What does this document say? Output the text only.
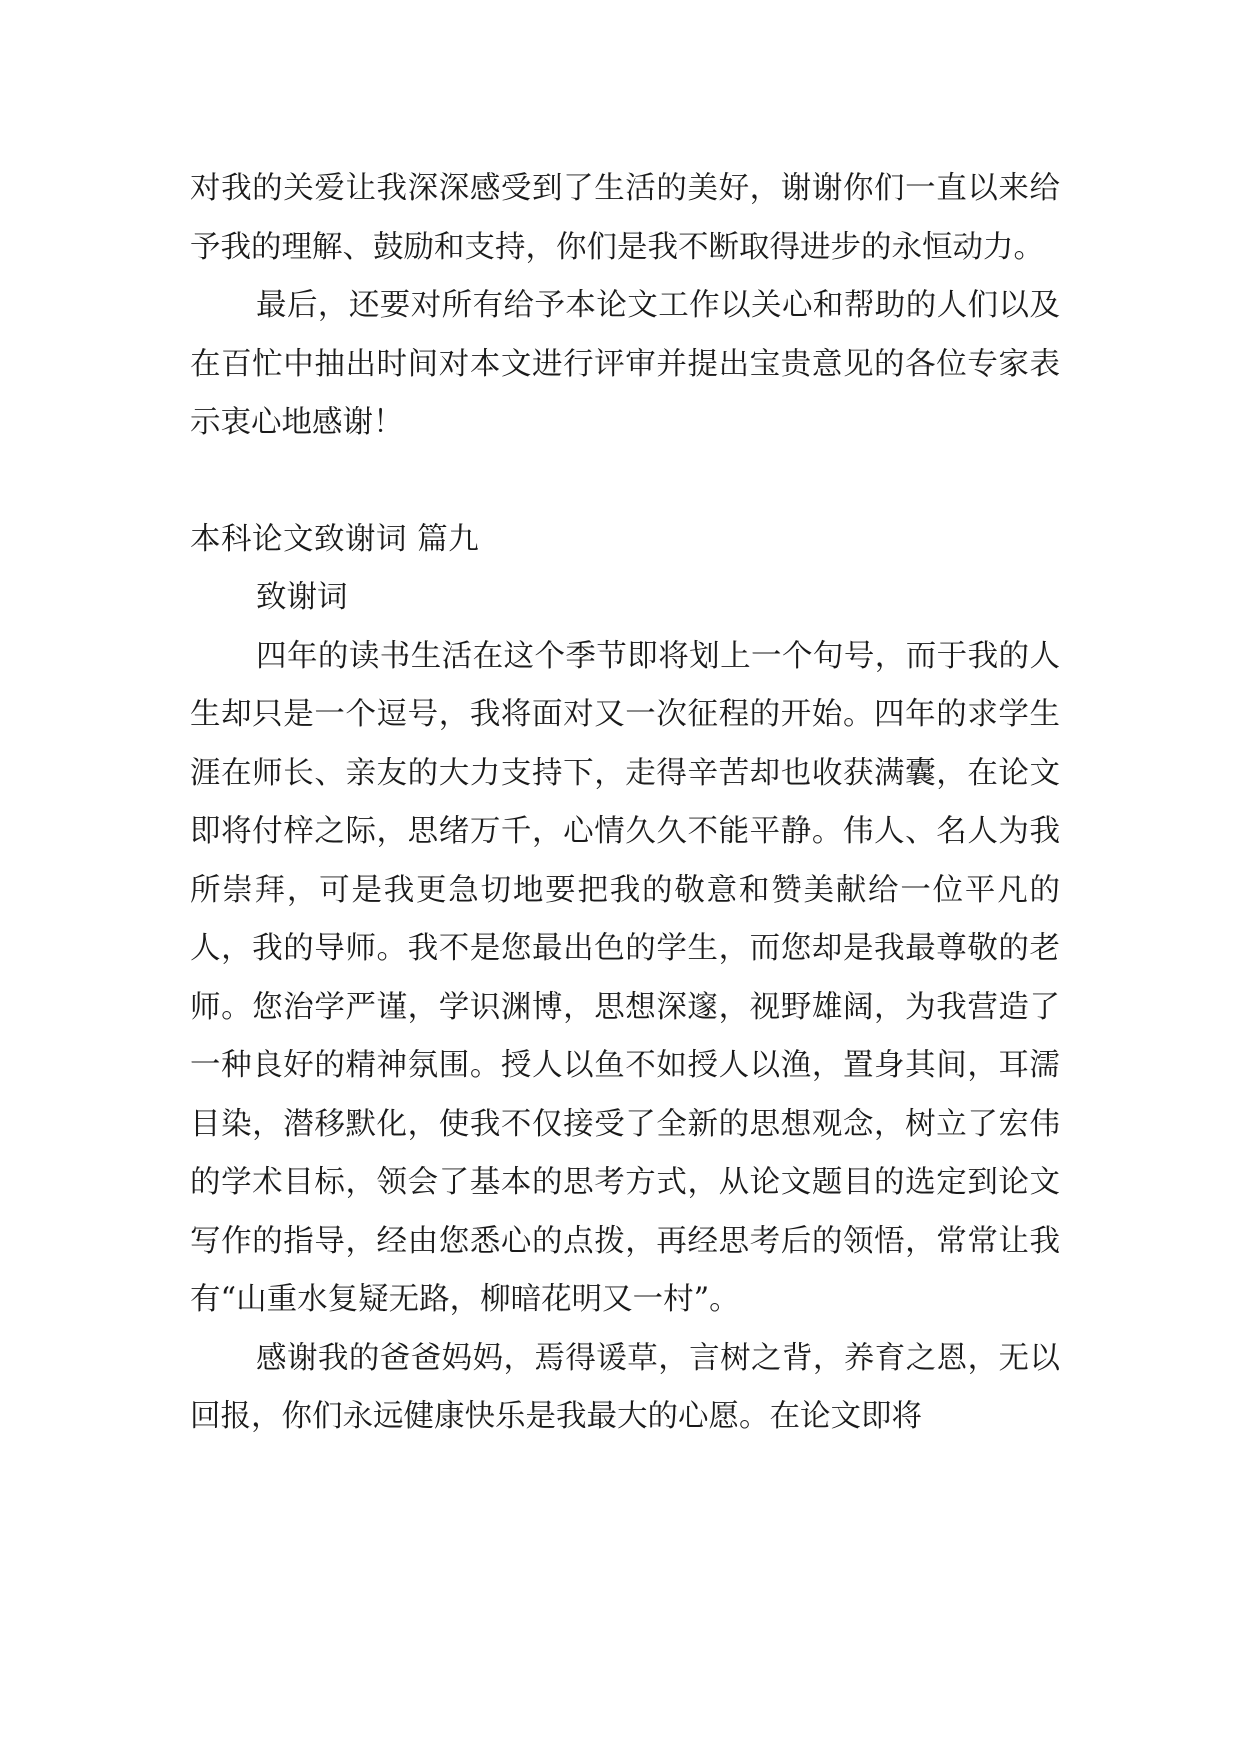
对我的关爱让我深深感受到了生活的美好，谢谢你们一直以来给予我的理解、鼓励和支持，你们是我不断取得进步的永恒动力。

最后，还要对所有给予本论文工作以关心和帮助的人们以及在百忙中抽出时间对本文进行评审并提出宝贵意见的各位专家表示衷心地感谢！

本科论文致谢词 篇九

致谢词

四年的读书生活在这个季节即将划上一个句号，而于我的人生却只是一个逗号，我将面对又一次征程的开始。四年的求学生涯在师长、亲友的大力支持下，走得辛苦却也收获满囊，在论文即将付梓之际，思绪万千，心情久久不能平静。伟人、名人为我所崇拜，可是我更急切地要把我的敬意和赞美献给一位平凡的人，我的导师。我不是您最出色的学生，而您却是我最尊敬的老师。您治学严谨，学识渊博，思想深邃，视野雄阔，为我营造了一种良好的精神氛围。授人以鱼不如授人以渔，置身其间，耳濡目染，潜移默化，使我不仅接受了全新的思想观念，树立了宏伟的学术目标，领会了基本的思考方式，从论文题目的选定到论文写作的指导，经由您悉心的点拨，再经思考后的领悟，常常让我有“山重水复疑无路，柳暗花明又一村”。

感谢我的爸爸妈妈，焉得谖草，言树之背，养育之恩，无以回报，你们永远健康快乐是我最大的心愿。在论文即将
